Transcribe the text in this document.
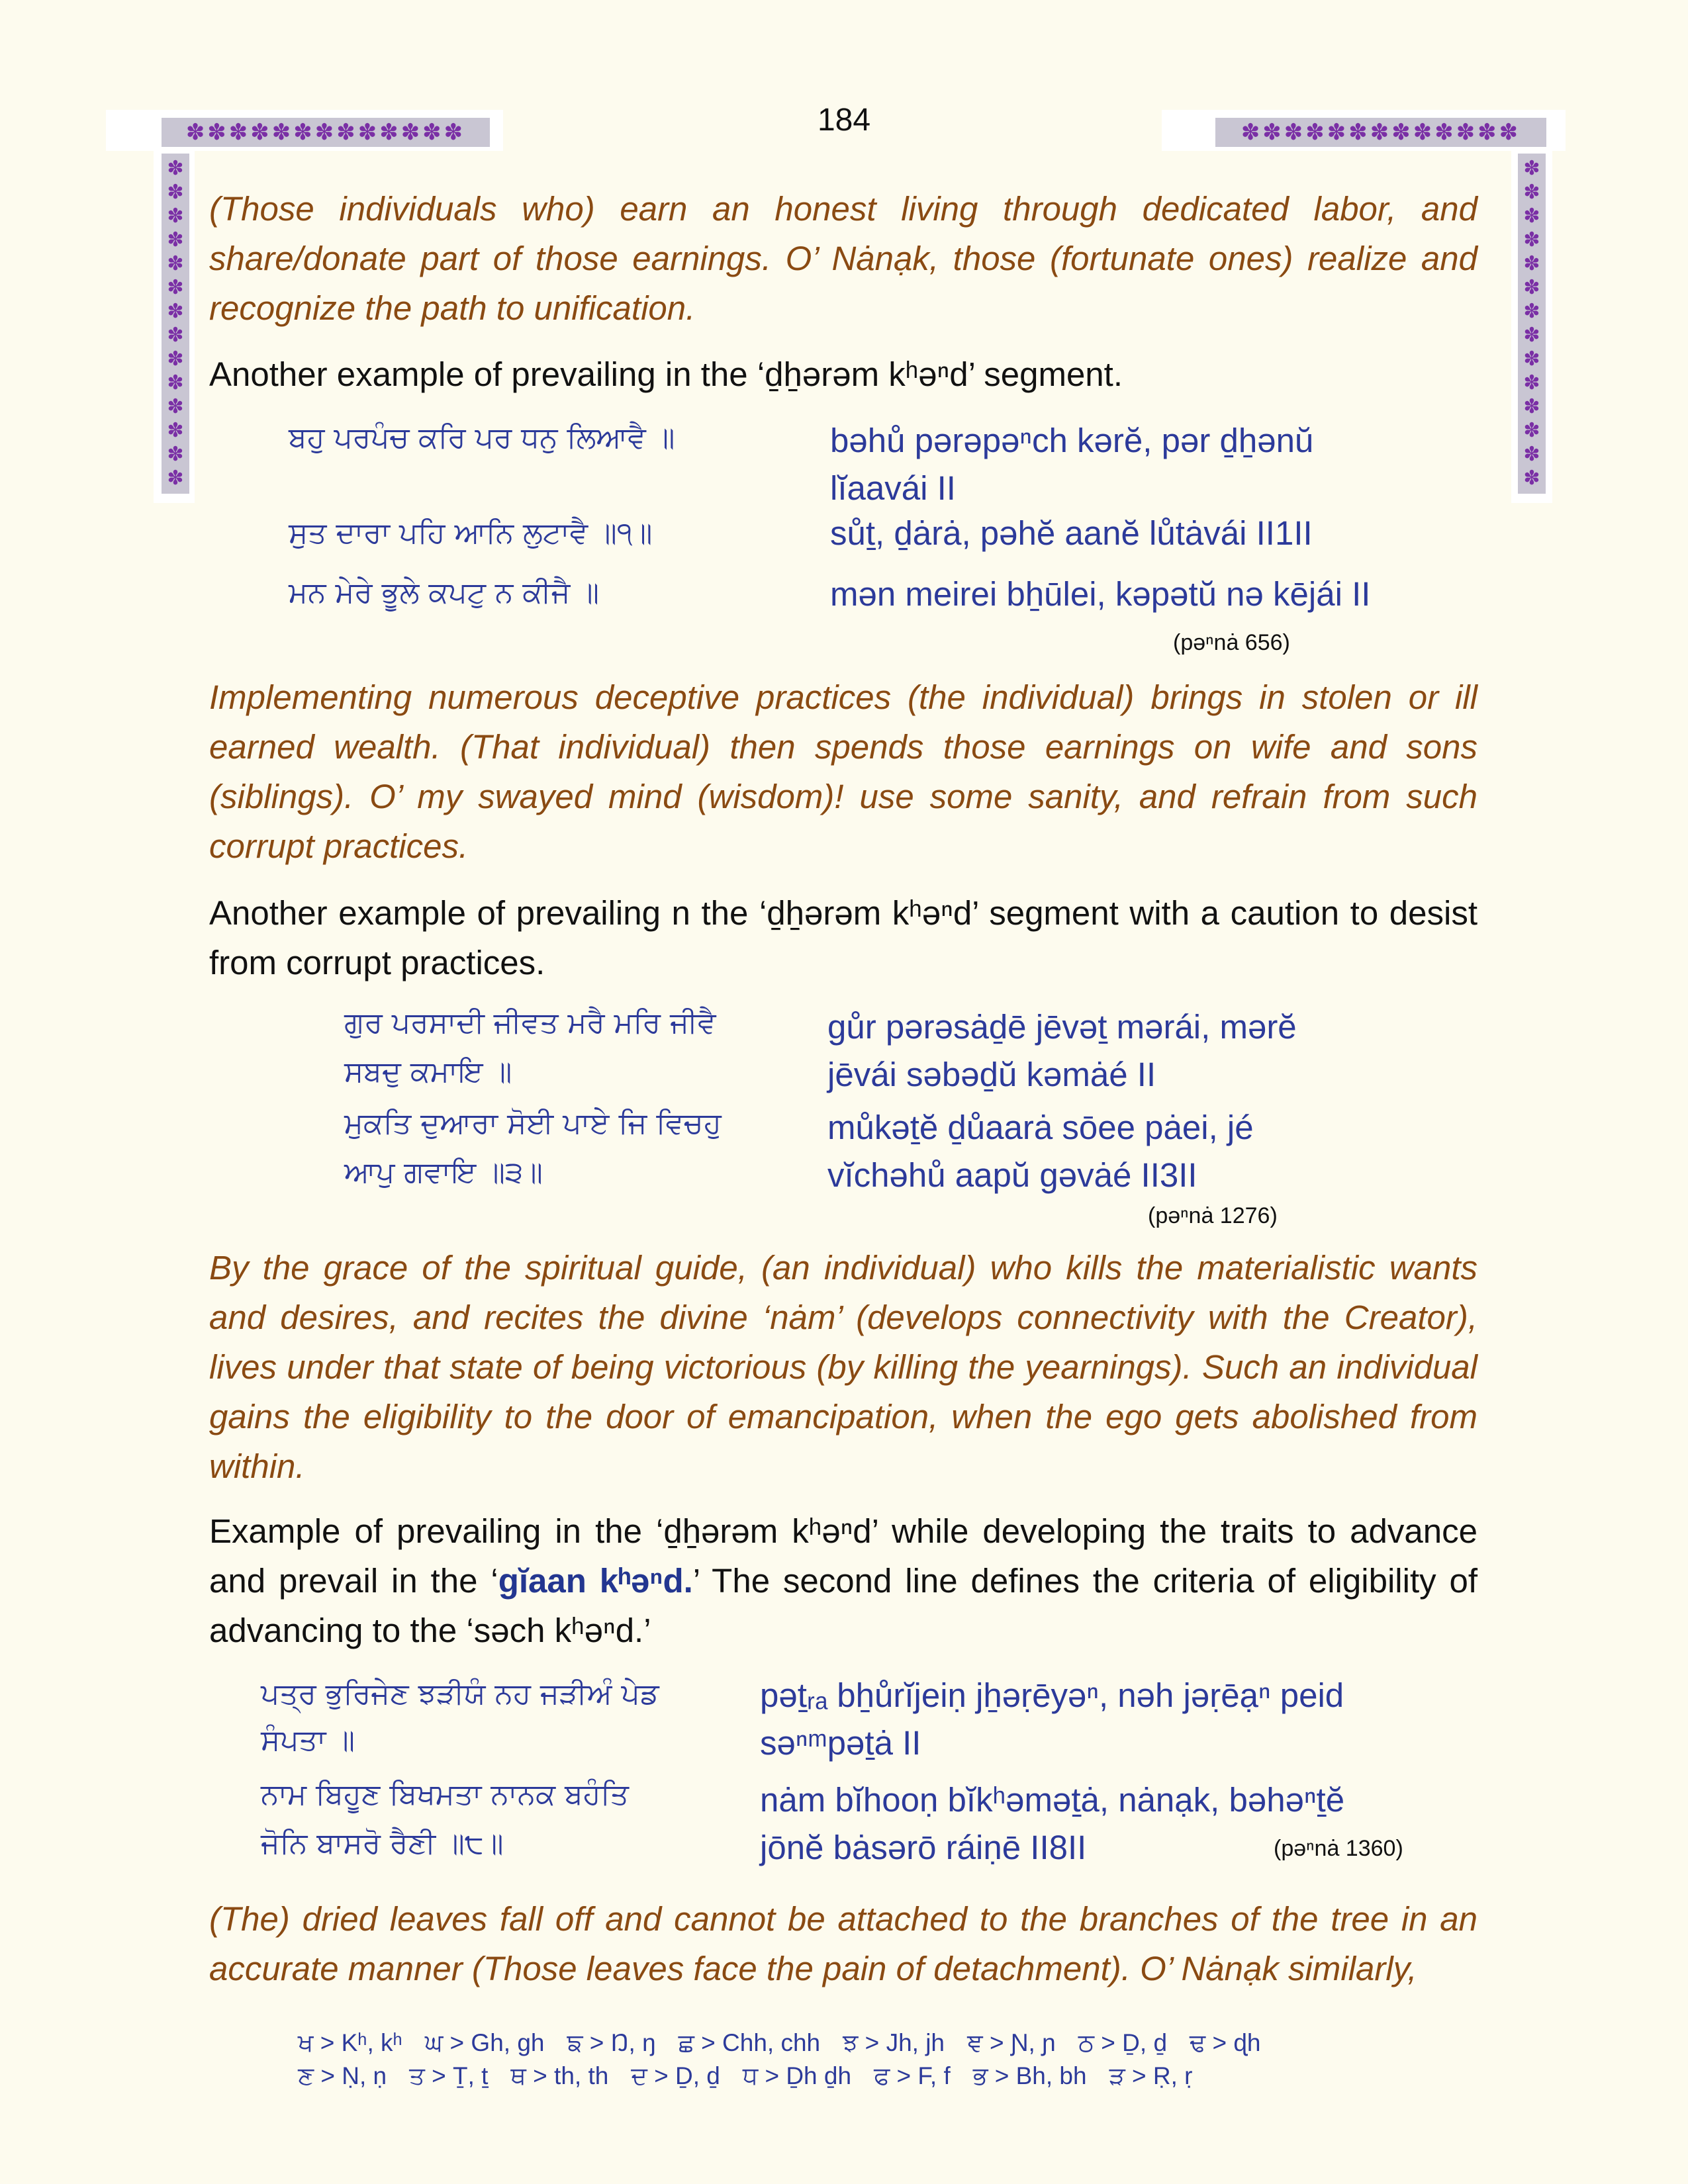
✽✽✽✽✽✽✽✽✽✽✽✽✽	✽✽✽✽✽✽✽✽✽✽✽✽✽
✽
✽
✽
✽
✽
✽
✽
✽
✽
✽
✽
✽
✽
✽
✽
✽
✽
✽
✽
✽
✽
✽
✽
✽
✽
✽
✽
✽
184

(Those individuals who) earn an honest living through dedicated labor, and share/donate part of those earnings. O’ Nȧnạk, those (fortunate ones) realize and recognize the path to unification.

Another example of prevailing in the ‘ḏẖərəm kʰəⁿd’ segment.

ਬਹੁ ਪਰਪੰਚ ਕਰਿ ਪਰ ਧਨੁ ਲਿਆਵੈ ॥
ਸੁਤ ਦਾਰਾ ਪਹਿ ਆਨਿ ਲੁਟਾਵੈ ॥੧॥
ਮਨ ਮੇਰੇ ਭੂਲੇ ਕਪਟੁ ਨ ਕੀਜੈ ॥
bəhů pərəpəⁿch kərĕ, pər ḏẖənŭ lĭaavái II
sůṯ, ḏȧrȧ, pəhĕ aanĕ lůtȧvái II1II
mən meirei bẖūlei, kəpətŭ nə kējái II
(pəⁿnȧ 656)

Implementing numerous deceptive practices (the individual) brings in stolen or ill earned wealth. (That individual) then spends those earnings on wife and sons (siblings). O’ my swayed mind (wisdom)! use some sanity, and refrain from such corrupt practices.

Another example of prevailing n the ‘ḏẖərəm kʰəⁿd’ segment with a caution to desist from corrupt practices.

ਗੁਰ ਪਰਸਾਦੀ ਜੀਵਤ ਮਰੈ ਮਰਿ ਜੀਵੈ
ਸਬਦੁ ਕਮਾਇ ॥
ਮੁਕਤਿ ਦੁਆਰਾ ਸੋਈ ਪਾਏ ਜਿ ਵਿਚਹੁ
ਆਪੁ ਗਵਾਇ ॥੩॥
gůr pərəsȧḏē jēvəṯ mərái, mərĕ
jēvái səbəḏŭ kəmȧé II
můkəṯĕ ḏůaarȧ sōee pȧei, jé
vĭchəhů aapŭ gəvȧé II3II
(pəⁿnȧ 1276)

By the grace of the spiritual guide, (an individual) who kills the materialistic wants and desires, and recites the divine ‘nȧm’ (develops connectivity with the Creator), lives under that state of being victorious (by killing the yearnings). Such an individual gains the eligibility to the door of emancipation, when the ego gets abolished from within.

Example of prevailing in the ‘ḏẖərəm kʰəⁿd’ while developing the traits to advance and prevail in the ‘gĭaan kʰəⁿd.’ The second line defines the criteria of eligibility of advancing to the ‘səch kʰəⁿd.’

ਪਤ੍ਰ ਭੁਰਿਜੇਣ ਝੜੀਯੰ ਨਹ ਜੜੀਅੰ ਪੇਡ
ਸੰਪਤਾ ॥
ਨਾਮ ਬਿਹੂਣ ਬਿਖਮਤਾ ਨਾਨਕ ਬਹੰਤਿ
ਜੋਨਿ ਬਾਸਰੋ ਰੈਣੀ ॥੮॥
pəṯᵣₐ bẖůrĭjeiṇ jẖəṛēyəⁿ, nəh jəṛēạⁿ peid
səⁿᵐpəṯȧ II
nȧm bĭhooṇ bĭkʰəməṯȧ, nȧnạk, bəhəⁿṯĕ
jōnĕ bȧsərō ráiṇē II8II	(pəⁿnȧ 1360)

(The) dried leaves fall off and cannot be attached to the branches of the tree in an accurate manner (Those leaves face the pain of detachment). O’ Nȧnạk similarly,

ਖ > Kʰ, kʰ ਘ > Gh, gh ਙ > Ŋ, ŋ ਛ > Chh, chh ਝ > Jh, jh ਞ > Ɲ, ɲ ਠ > Ḏ, ḏ ਢ > ɖh
ਣ > Ṇ, ṇ ਤ > Ṯ, ṯ ਥ > th, th ਦ > Ḏ, ḏ ਧ > Ḏh ḏh ਫ > F, f ਭ > Bh, bh ੜ > Ṛ, ṛ
